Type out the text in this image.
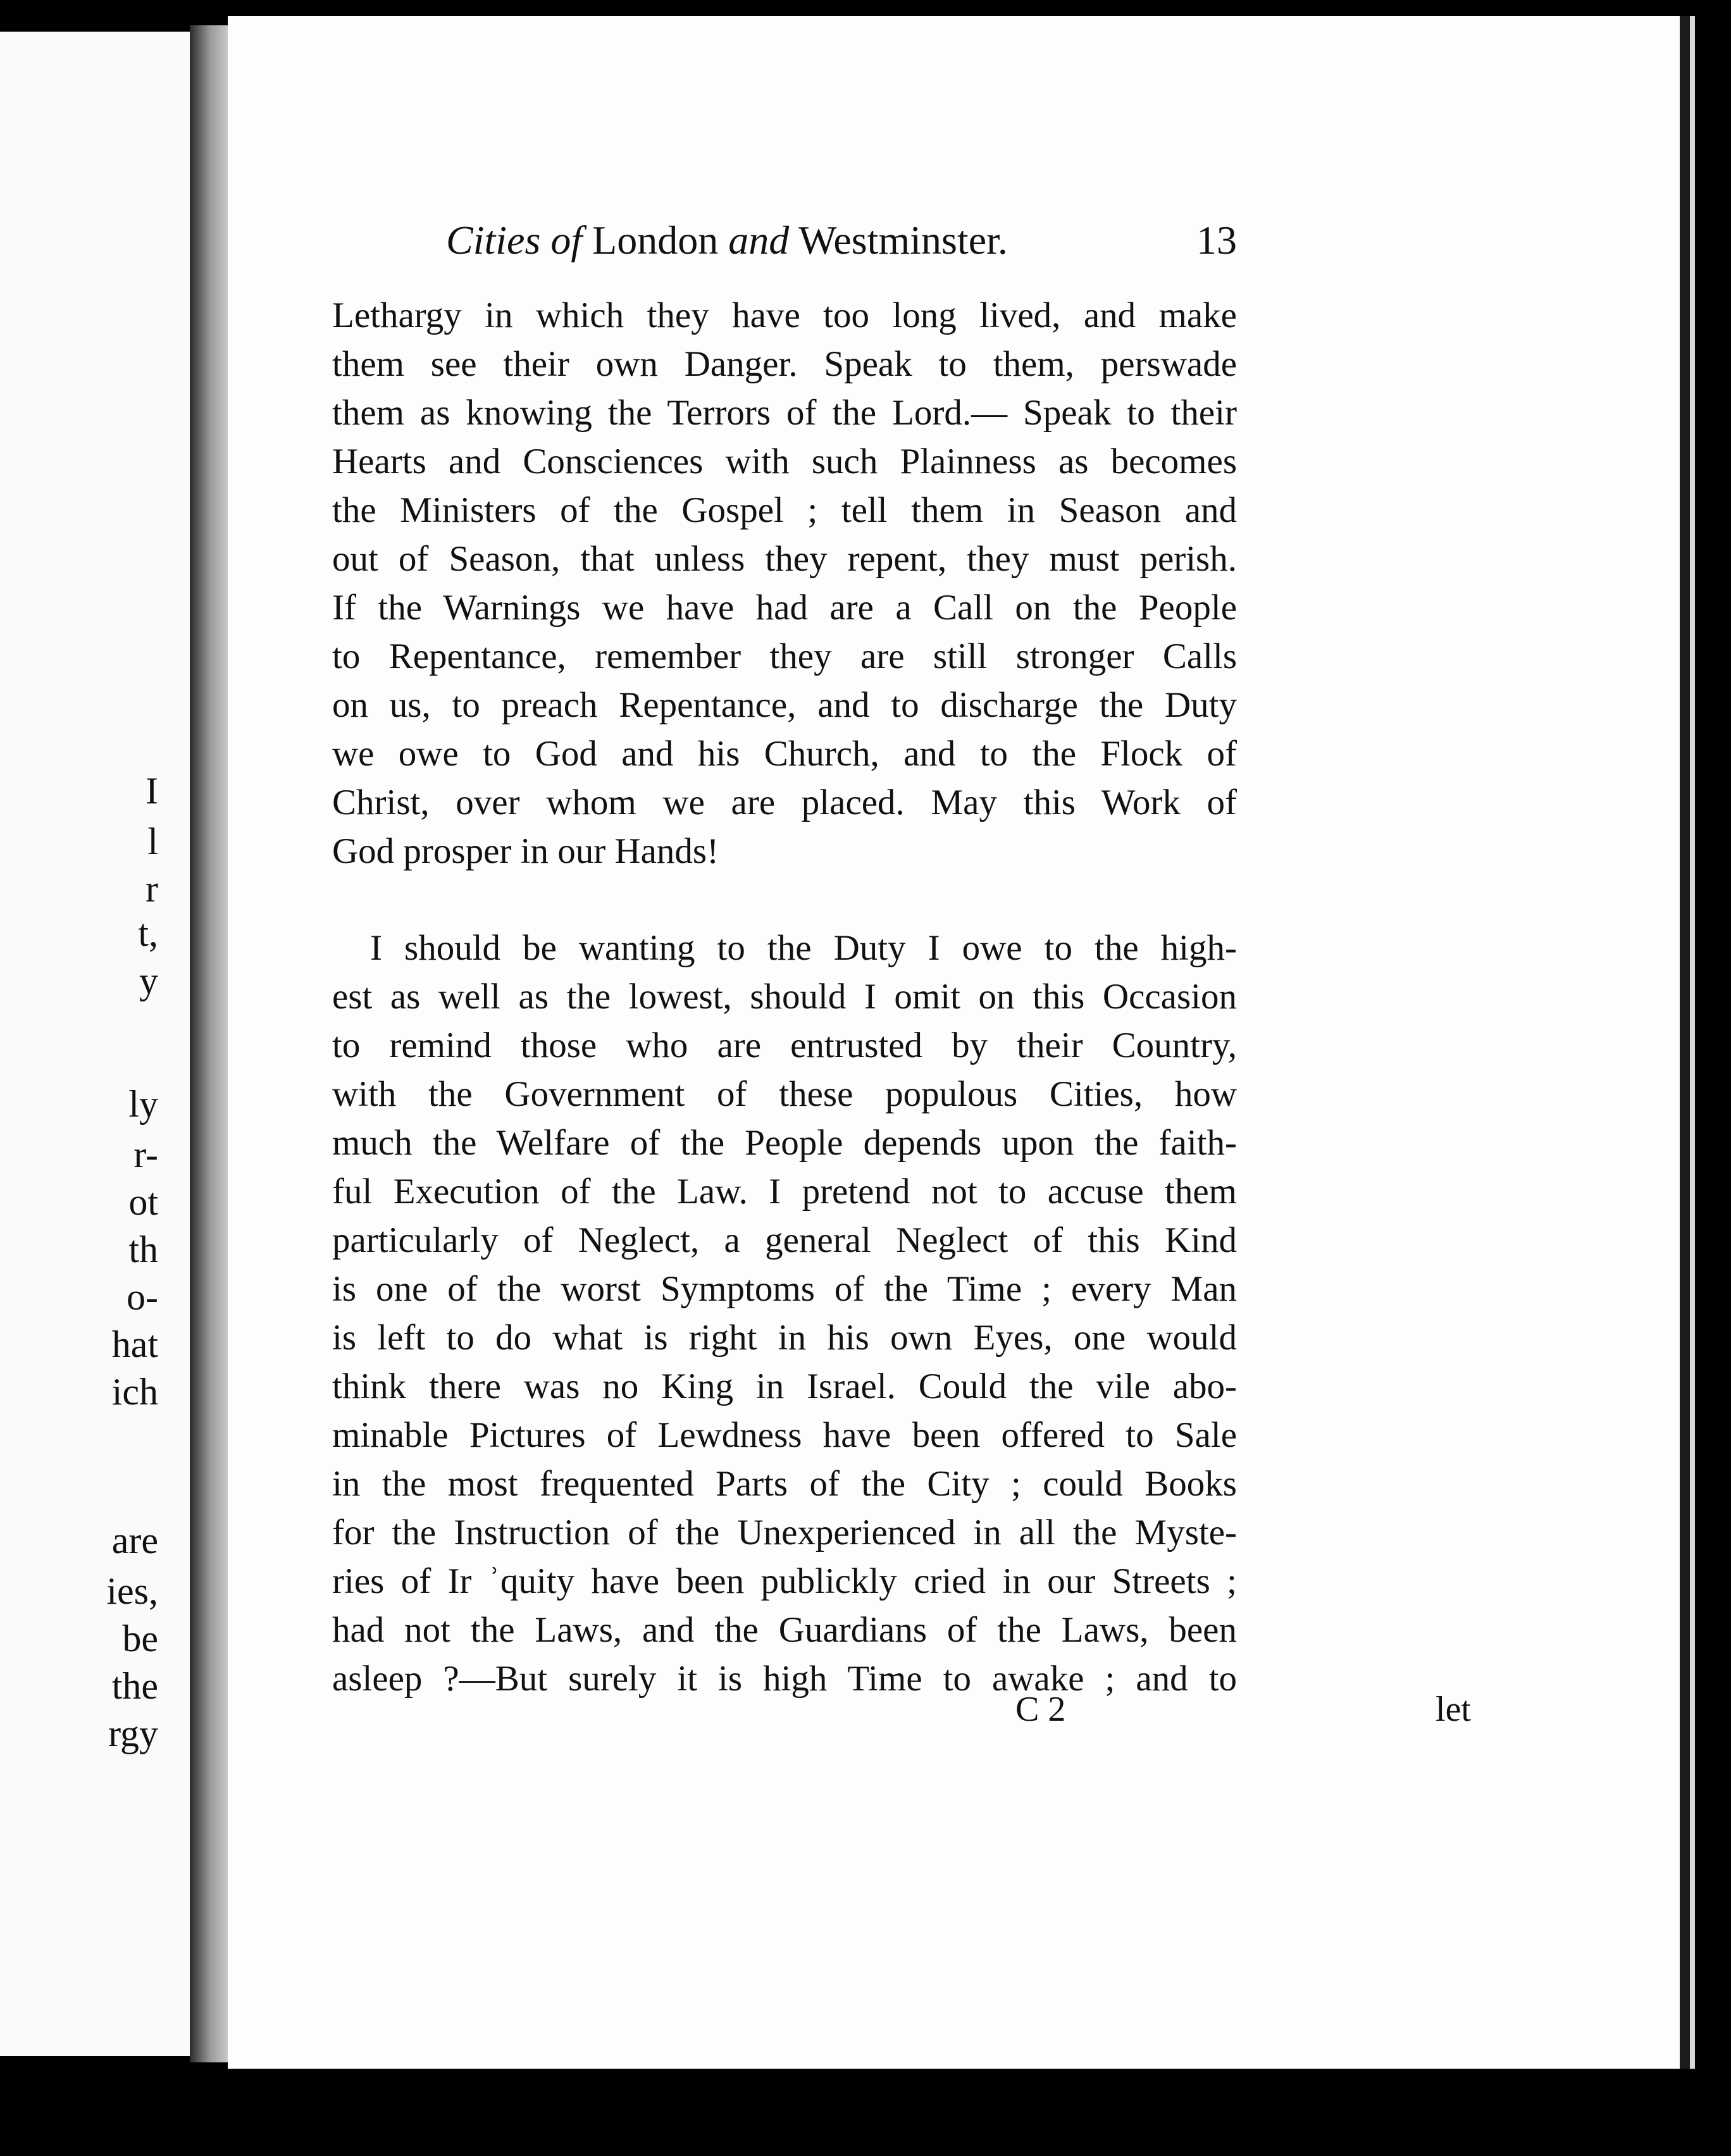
I
l
r
t,
y
ly
r-
ot
th
o-
hat
ich
are
ies,
be
the
rgy
Cities of London and Westminster.	13
Lethargy in which they have too long lived, and make
them see their own Danger. Speak to them, perswade
them as knowing the Terrors of the Lord.— Speak to their
Hearts and Consciences with such Plainness as becomes
the Ministers of the Gospel ; tell them in Season and
out of Season, that unless they repent, they must perish.
If the Warnings we have had are a Call on the People
to Repentance, remember they are still stronger Calls
on us, to preach Repentance, and to discharge the Duty
we owe to God and his Church, and to the Flock of
Christ, over whom we are placed. May this Work of
God prosper in our Hands!
I should be wanting to the Duty I owe to the high-
est as well as the lowest, should I omit on this Occasion
to remind those who are entrusted by their Country,
with the Government of these populous Cities, how
much the Welfare of the People depends upon the faith-
ful Execution of the Law. I pretend not to accuse them
particularly of Neglect, a general Neglect of this Kind
is one of the worst Symptoms of the Time ; every Man
is left to do what is right in his own Eyes, one would
think there was no King in Israel. Could the vile abo-
minable Pictures of Lewdness have been offered to Sale
in the most frequented Parts of the City ; could Books
for the Instruction of the Unexperienced in all the Myste-
ries of Ir ʾquity have been publickly cried in our Streets ;
had not the Laws, and the Guardians of the Laws, been
asleep ?—But surely it is high Time to awake ; and to
C 2	let
